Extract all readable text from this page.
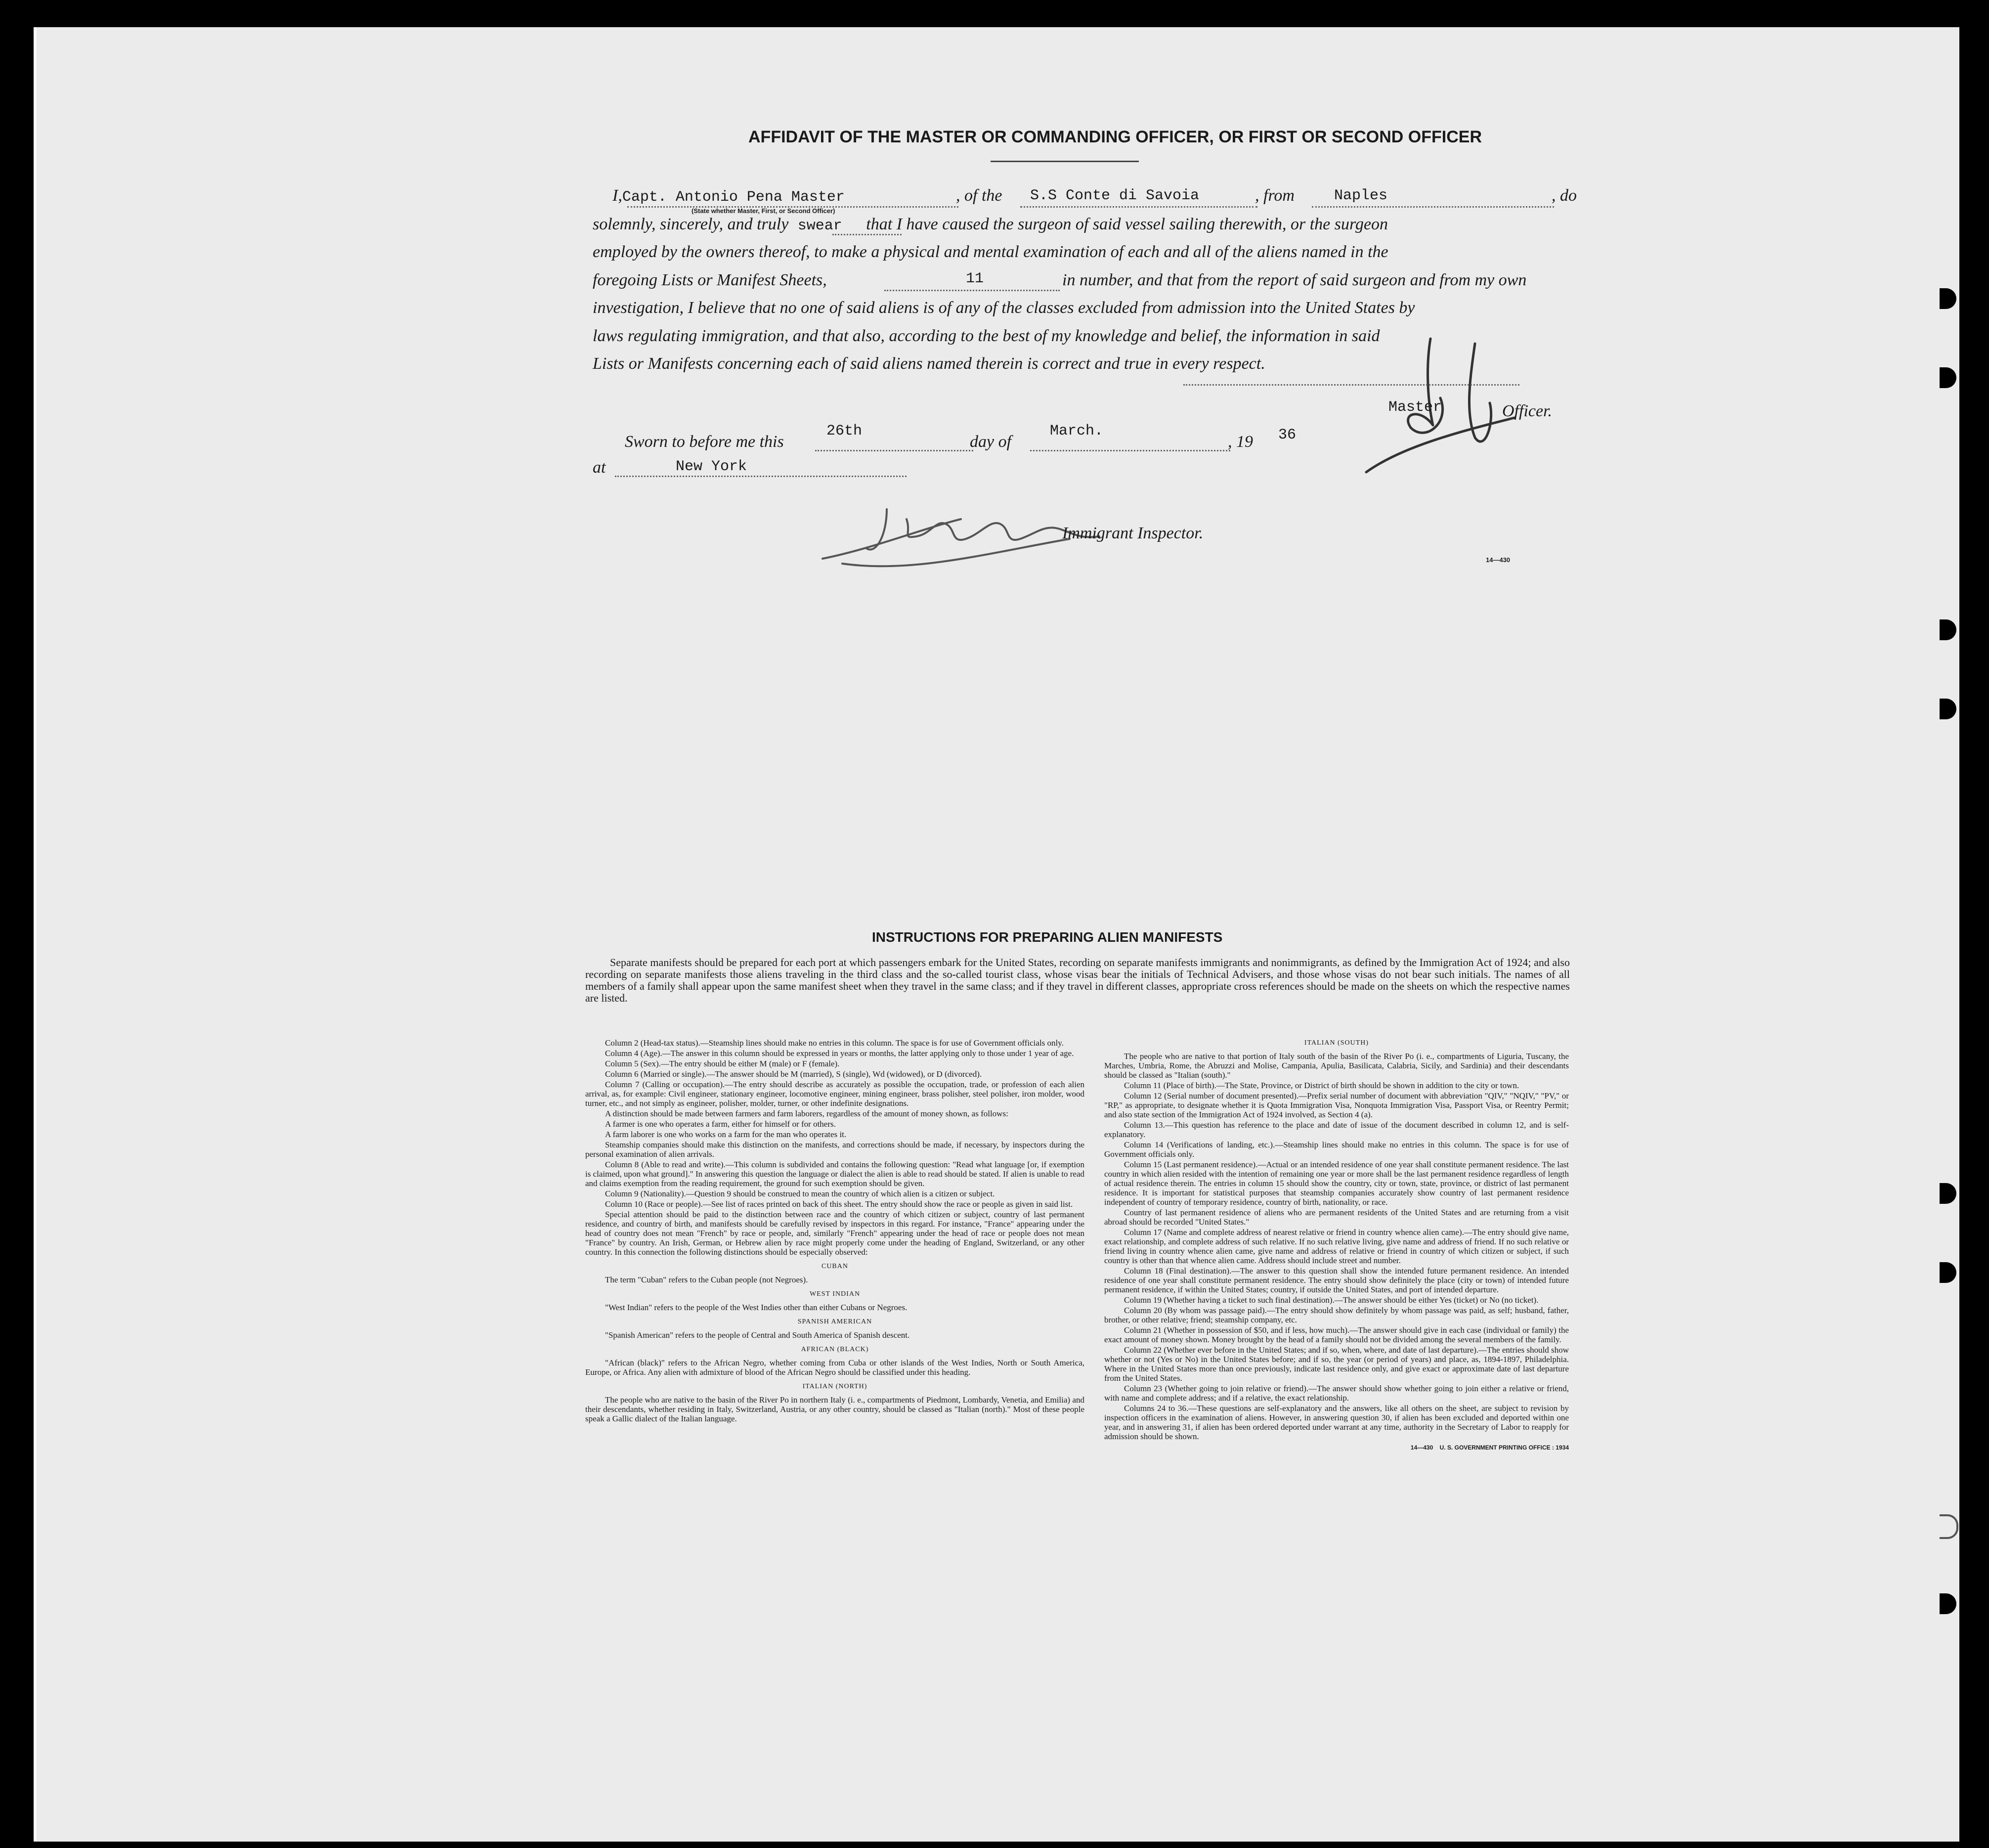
AFFIDAVIT OF THE MASTER OR COMMANDING OFFICER, OR FIRST OR SECOND OFFICER
I,Capt. Antonio Pena Master
(State whether Master, First, or Second Officer)
, of the S.S Conte di Savoia	, from	Naples	, do
solemnly, sincerely, and truly swear that I have caused the surgeon of said vessel sailing therewith, or the surgeon
employed by the owners thereof, to make a physical and mental examination of each and all of the aliens named in the
foregoing Lists or Manifest Sheets,	11	in number, and that from the report of said surgeon and from my own
investigation, I believe that no one of said aliens is of any of the classes excluded from admission into the United States by
laws regulating immigration, and that also, according to the best of my knowledge and belief, the information in said
Lists or Manifests concerning each of said aliens named therein is correct and true in every respect.
Master	Officer.
Sworn to before me this
26th
day of
March.
, 19 36
at	New York
Immigrant Inspector.
14—430
INSTRUCTIONS FOR PREPARING ALIEN MANIFESTS
Separate manifests should be prepared for each port at which passengers embark for the United States, recording on separate manifests immigrants and nonimmigrants, as defined by the Immigration Act of 1924; and also recording on separate manifests those aliens traveling in the third class and the so-called tourist class, whose visas bear the initials of Technical Advisers, and those whose visas do not bear such initials. The names of all members of a family shall appear upon the same manifest sheet when they travel in the same class; and if they travel in different classes, appropriate cross references should be made on the sheets on which the respective names are listed.

Column 2 (Head-tax status).—Steamship lines should make no entries in this column. The space is for use of Government officials only.

Column 4 (Age).—The answer in this column should be expressed in years or months, the latter applying only to those under 1 year of age.

Column 5 (Sex).—The entry should be either M (male) or F (female).

Column 6 (Married or single).—The answer should be M (married), S (single), Wd (widowed), or D (divorced).

Column 7 (Calling or occupation).—The entry should describe as accurately as possible the occupation, trade, or profession of each alien arrival, as, for example: Civil engineer, stationary engineer, locomotive engineer, mining engineer, brass polisher, steel polisher, iron molder, wood turner, etc., and not simply as engineer, polisher, molder, turner, or other indefinite designations.

A distinction should be made between farmers and farm laborers, regardless of the amount of money shown, as follows:

A farmer is one who operates a farm, either for himself or for others.

A farm laborer is one who works on a farm for the man who operates it.

Steamship companies should make this distinction on the manifests, and corrections should be made, if necessary, by inspectors during the personal examination of alien arrivals.

Column 8 (Able to read and write).—This column is subdivided and contains the following question: "Read what language [or, if exemption is claimed, upon what ground]." In answering this question the language or dialect the alien is able to read should be stated. If alien is unable to read and claims exemption from the reading requirement, the ground for such exemption should be given.

Column 9 (Nationality).—Question 9 should be construed to mean the country of which alien is a citizen or subject.

Column 10 (Race or people).—See list of races printed on back of this sheet. The entry should show the race or people as given in said list.

Special attention should be paid to the distinction between race and the country of which citizen or subject, country of last permanent residence, and country of birth, and manifests should be carefully revised by inspectors in this regard. For instance, "France" appearing under the head of country does not mean "French" by race or people, and, similarly "French" appearing under the head of race or people does not mean "France" by country. An Irish, German, or Hebrew alien by race might properly come under the heading of England, Switzerland, or any other country. In this connection the following distinctions should be especially observed:

CUBAN

The term "Cuban" refers to the Cuban people (not Negroes).

WEST INDIAN

"West Indian" refers to the people of the West Indies other than either Cubans or Negroes.

SPANISH AMERICAN

"Spanish American" refers to the people of Central and South America of Spanish descent.

AFRICAN (BLACK)

"African (black)" refers to the African Negro, whether coming from Cuba or other islands of the West Indies, North or South America, Europe, or Africa. Any alien with admixture of blood of the African Negro should be classified under this heading.

ITALIAN (NORTH)

The people who are native to the basin of the River Po in northern Italy (i. e., compartments of Piedmont, Lombardy, Venetia, and Emilia) and their descendants, whether residing in Italy, Switzerland, Austria, or any other country, should be classed as "Italian (north)." Most of these people speak a Gallic dialect of the Italian language.

ITALIAN (SOUTH)

The people who are native to that portion of Italy south of the basin of the River Po (i. e., compartments of Liguria, Tuscany, the Marches, Umbria, Rome, the Abruzzi and Molise, Campania, Apulia, Basilicata, Calabria, Sicily, and Sardinia) and their descendants should be classed as "Italian (south)."

Column 11 (Place of birth).—The State, Province, or District of birth should be shown in addition to the city or town.

Column 12 (Serial number of document presented).—Prefix serial number of document with abbreviation "QIV," "NQIV," "PV," or "RP," as appropriate, to designate whether it is Quota Immigration Visa, Nonquota Immigration Visa, Passport Visa, or Reentry Permit; and also state section of the Immigration Act of 1924 involved, as Section 4 (a).

Column 13.—This question has reference to the place and date of issue of the document described in column 12, and is self-explanatory.

Column 14 (Verifications of landing, etc.).—Steamship lines should make no entries in this column. The space is for use of Government officials only.

Column 15 (Last permanent residence).—Actual or an intended residence of one year shall constitute permanent residence. The last country in which alien resided with the intention of remaining one year or more shall be the last permanent residence regardless of length of actual residence therein. The entries in column 15 should show the country, city or town, state, province, or district of last permanent residence. It is important for statistical purposes that steamship companies accurately show country of last permanent residence independent of country of temporary residence, country of birth, nationality, or race.

Country of last permanent residence of aliens who are permanent residents of the United States and are returning from a visit abroad should be recorded "United States."

Column 17 (Name and complete address of nearest relative or friend in country whence alien came).—The entry should give name, exact relationship, and complete address of such relative. If no such relative living, give name and address of friend. If no such relative or friend living in country whence alien came, give name and address of relative or friend in country of which citizen or subject, if such country is other than that whence alien came. Address should include street and number.

Column 18 (Final destination).—The answer to this question shall show the intended future permanent residence. An intended residence of one year shall constitute permanent residence. The entry should show definitely the place (city or town) of intended future permanent residence, if within the United States; country, if outside the United States, and port of intended departure.

Column 19 (Whether having a ticket to such final destination).—The answer should be either Yes (ticket) or No (no ticket).

Column 20 (By whom was passage paid).—The entry should show definitely by whom passage was paid, as self; husband, father, brother, or other relative; friend; steamship company, etc.

Column 21 (Whether in possession of $50, and if less, how much).—The answer should give in each case (individual or family) the exact amount of money shown. Money brought by the head of a family should not be divided among the several members of the family.

Column 22 (Whether ever before in the United States; and if so, when, where, and date of last departure).—The entries should show whether or not (Yes or No) in the United States before; and if so, the year (or period of years) and place, as, 1894-1897, Philadelphia. Where in the United States more than once previously, indicate last residence only, and give exact or approximate date of last departure from the United States.

Column 23 (Whether going to join relative or friend).—The answer should show whether going to join either a relative or friend, with name and complete address; and if a relative, the exact relationship.

Columns 24 to 36.—These questions are self-explanatory and the answers, like all others on the sheet, are subject to revision by inspection officers in the examination of aliens. However, in answering question 30, if alien has been excluded and deported within one year, and in answering 31, if alien has been ordered deported under warrant at any time, authority in the Secretary of Labor to reapply for admission should be shown.

14—430 U. S. GOVERNMENT PRINTING OFFICE : 1934
